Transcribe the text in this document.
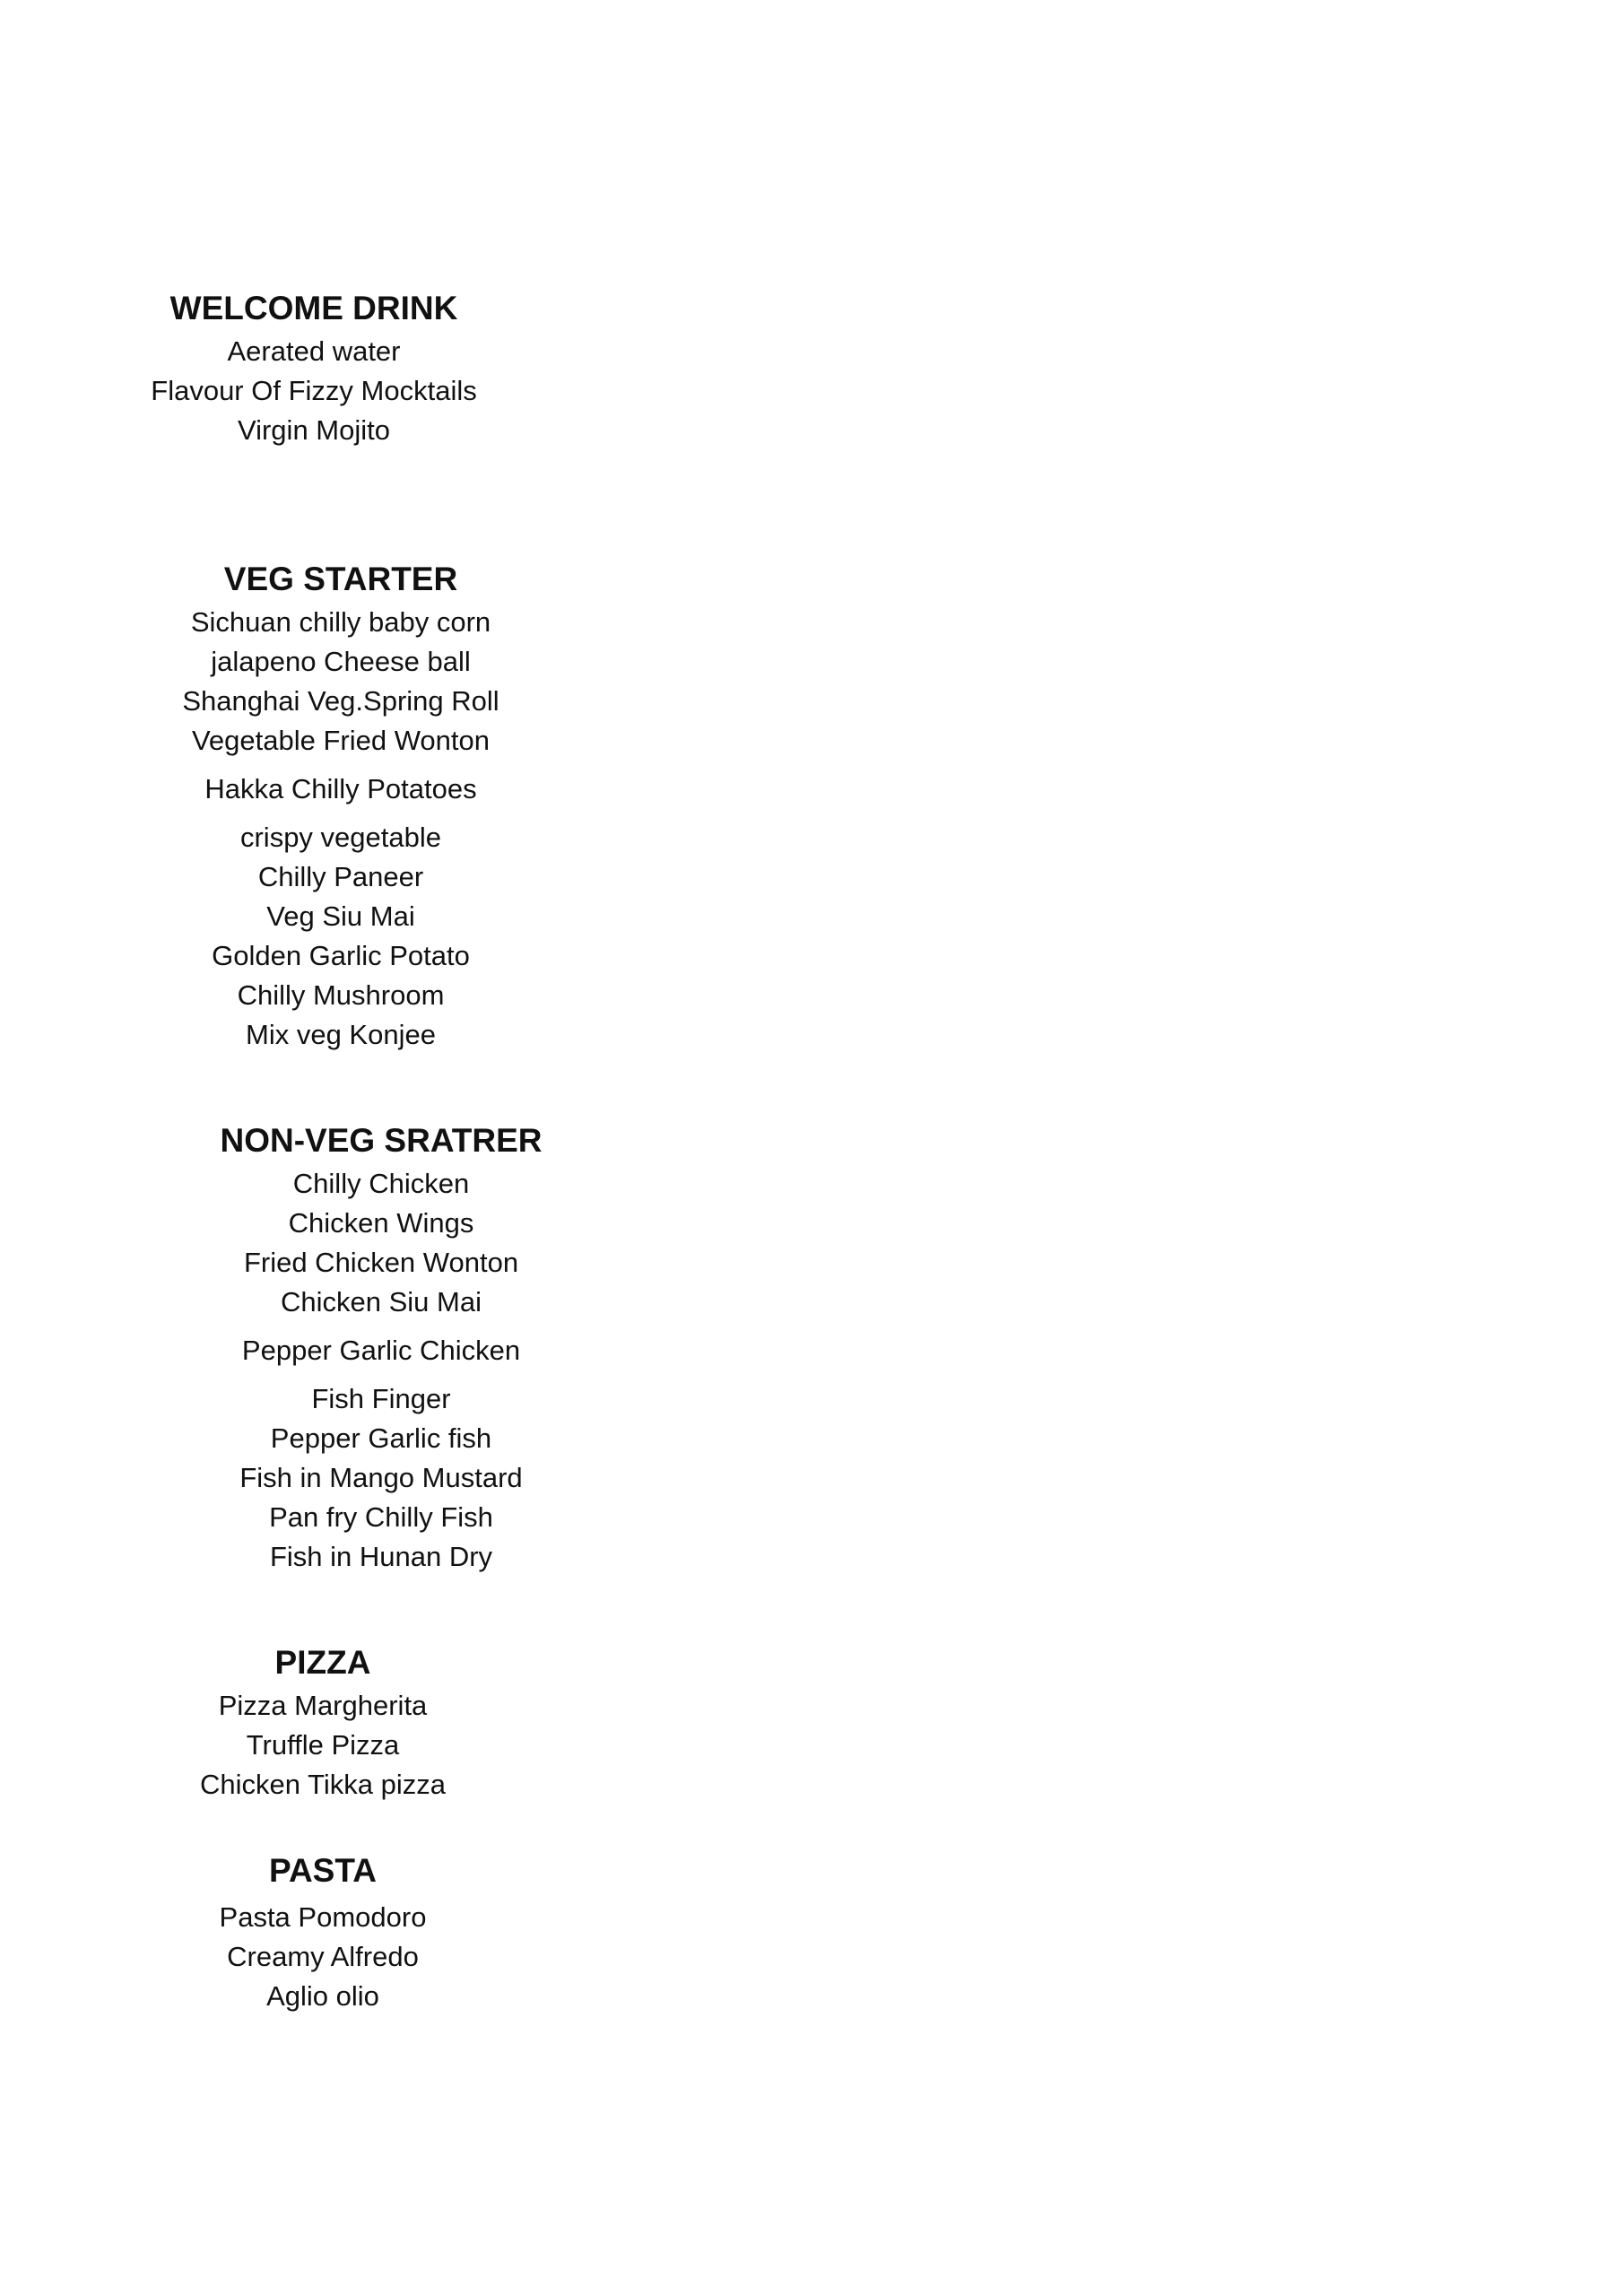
WELCOME DRINK
Aerated water
Flavour Of Fizzy Mocktails
Virgin Mojito
VEG STARTER
Sichuan chilly baby corn
jalapeno Cheese ball
Shanghai Veg.Spring Roll
Vegetable Fried Wonton
Hakka Chilly Potatoes
crispy vegetable
Chilly Paneer
Veg Siu Mai
Golden Garlic Potato
Chilly Mushroom
Mix veg Konjee
NON-VEG SRATRER
Chilly Chicken
Chicken Wings
Fried Chicken Wonton
Chicken Siu Mai
Pepper Garlic Chicken
Fish Finger
Pepper Garlic fish
Fish in Mango Mustard
Pan fry Chilly Fish
Fish in Hunan Dry
PIZZA
Pizza Margherita
Truffle Pizza
Chicken Tikka pizza
PASTA
Pasta Pomodoro
Creamy Alfredo
Aglio olio
